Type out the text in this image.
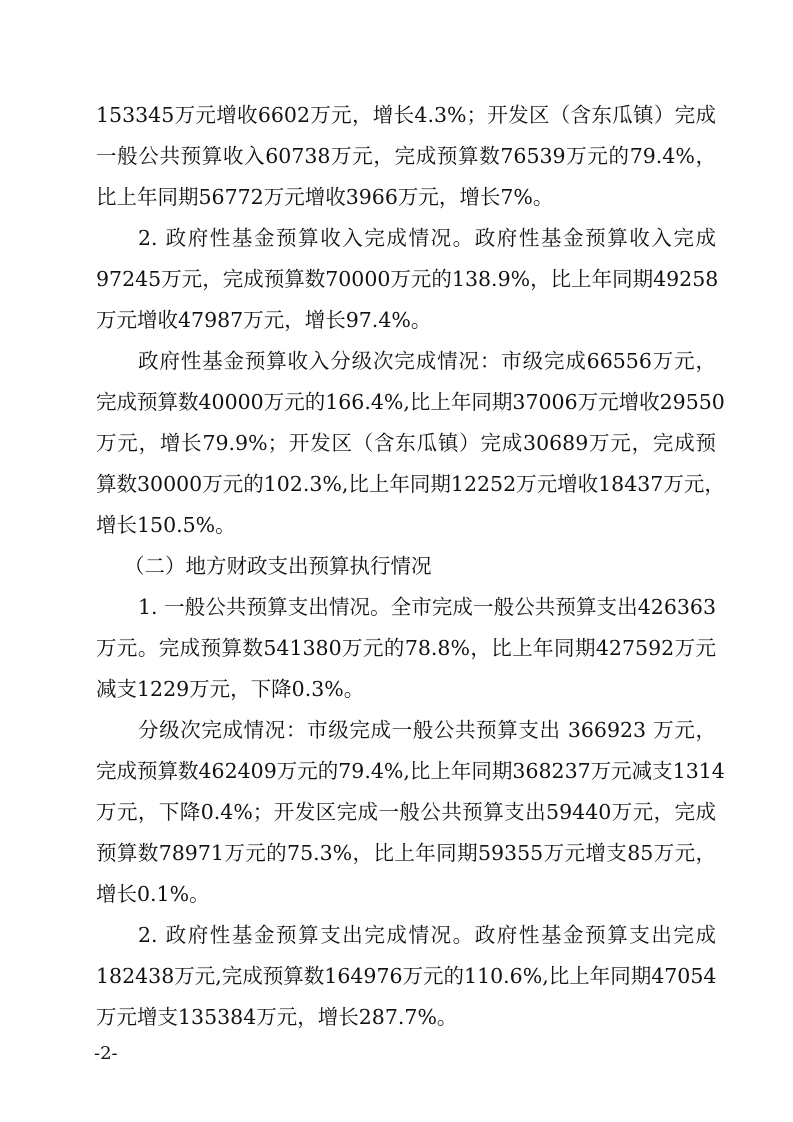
153345万元增收6602万元，增长4.3%；开发区（含东瓜镇）完成
一般公共预算收入60738万元，完成预算数76539万元的79.4%，
比上年同期56772万元增收3966万元，增长7%。
2. 政府性基金预算收入完成情况。政府性基金预算收入完成
97245万元，完成预算数70000万元的138.9%，比上年同期49258
万元增收47987万元，增长97.4%。
政府性基金预算收入分级次完成情况：市级完成66556万元，
完成预算数40000万元的166.4%,比上年同期37006万元增收29550
万元，增长79.9%；开发区（含东瓜镇）完成30689万元，完成预
算数30000万元的102.3%,比上年同期12252万元增收18437万元，
增长150.5%。
（二）地方财政支出预算执行情况
1. 一般公共预算支出情况。全市完成一般公共预算支出426363
万元。完成预算数541380万元的78.8%，比上年同期427592万元
减支1229万元，下降0.3%。
分级次完成情况：市级完成一般公共预算支出 366923 万元，
完成预算数462409万元的79.4%,比上年同期368237万元减支1314
万元，下降0.4%；开发区完成一般公共预算支出59440万元，完成
预算数78971万元的75.3%，比上年同期59355万元增支85万元，
增长0.1%。
2. 政府性基金预算支出完成情况。政府性基金预算支出完成
182438万元,完成预算数164976万元的110.6%,比上年同期47054
万元增支135384万元，增长287.7%。
-2-
